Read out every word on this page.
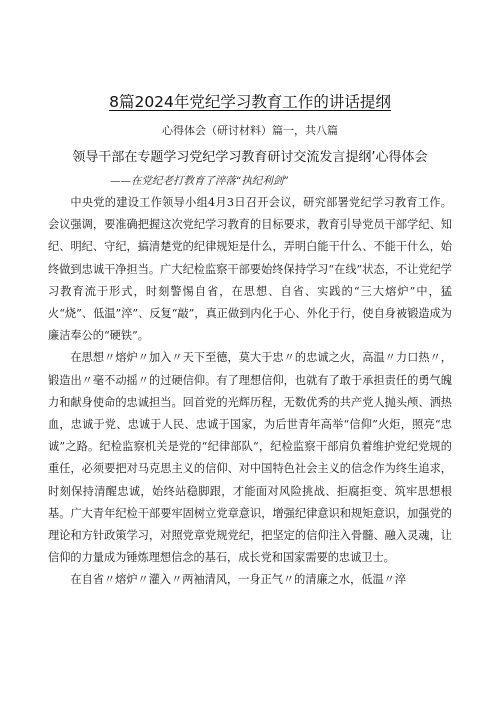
8篇2024年党纪学习教育工作的讲话提纲
心得体会（研讨材料）篇一，共八篇
领导干部在专题学习党纪学习教育研讨交流发言提纲’心得体会
——在党纪老打教育了淬落“执纪利剑”

中央党的建设工作领导小组4月3日召开会议，研究部署党纪学习教育工作。会议强调，要准确把握这次党纪学习教育的目标要求，教育引导党员干部学纪、知纪、明纪、守纪，搞清楚党的纪律规矩是什么，弄明白能干什么、不能干什么，始终做到忠诚干净担当。广大纪检监察干部要始终保持学习“在线”状态，不让党纪学习教育流于形式，时刻警惕自省，在思想、自省、实践的“三大熔炉”中，猛火“烧”、低温”淬”、反复“敲”，真正做到内化于心、外化于行，使自身被锻造成为廉洁奉公的“硬铁”。

在思想〃熔炉〃加入〃天下至德，莫大于忠〃的忠诚之火，高温〃力口热〃，锻造出〃毫不动摇〃的过硬信仰。有了理想信仰，也就有了敢于承担责任的勇气魄力和献身使命的忠诚担当。回首党的光辉历程，无数优秀的共产党人抛头颅、洒热血，忠诚于党、忠诚于人民、忠诚于国家，为后世青年高举“信仰”火炬，照亮“忠诚”之路。纪检监察机关是党的“纪律部队“，纪检监察干部肩负着维护党纪党规的重任，必须要把对马克思主义的信仰、对中国特色社会主义的信念作为终生追求，时刻保持清醒忠诚，始终站稳脚跟，才能面对风险挑战、拒腐拒变、筑牢思想根基。广大青年纪检干部要牢固树立党章意识，增强纪律意识和规矩意识，加强党的理论和方针政策学习，对照党章党规党纪，把坚定的信仰注入骨髓、融入灵魂，让信仰的力量成为锤炼理想信念的基石，成长党和国家需要的忠诚卫士。

在自省〃熔炉〃灌入〃两袖清风，一身正气〃的清廉之水，低温〃淬
